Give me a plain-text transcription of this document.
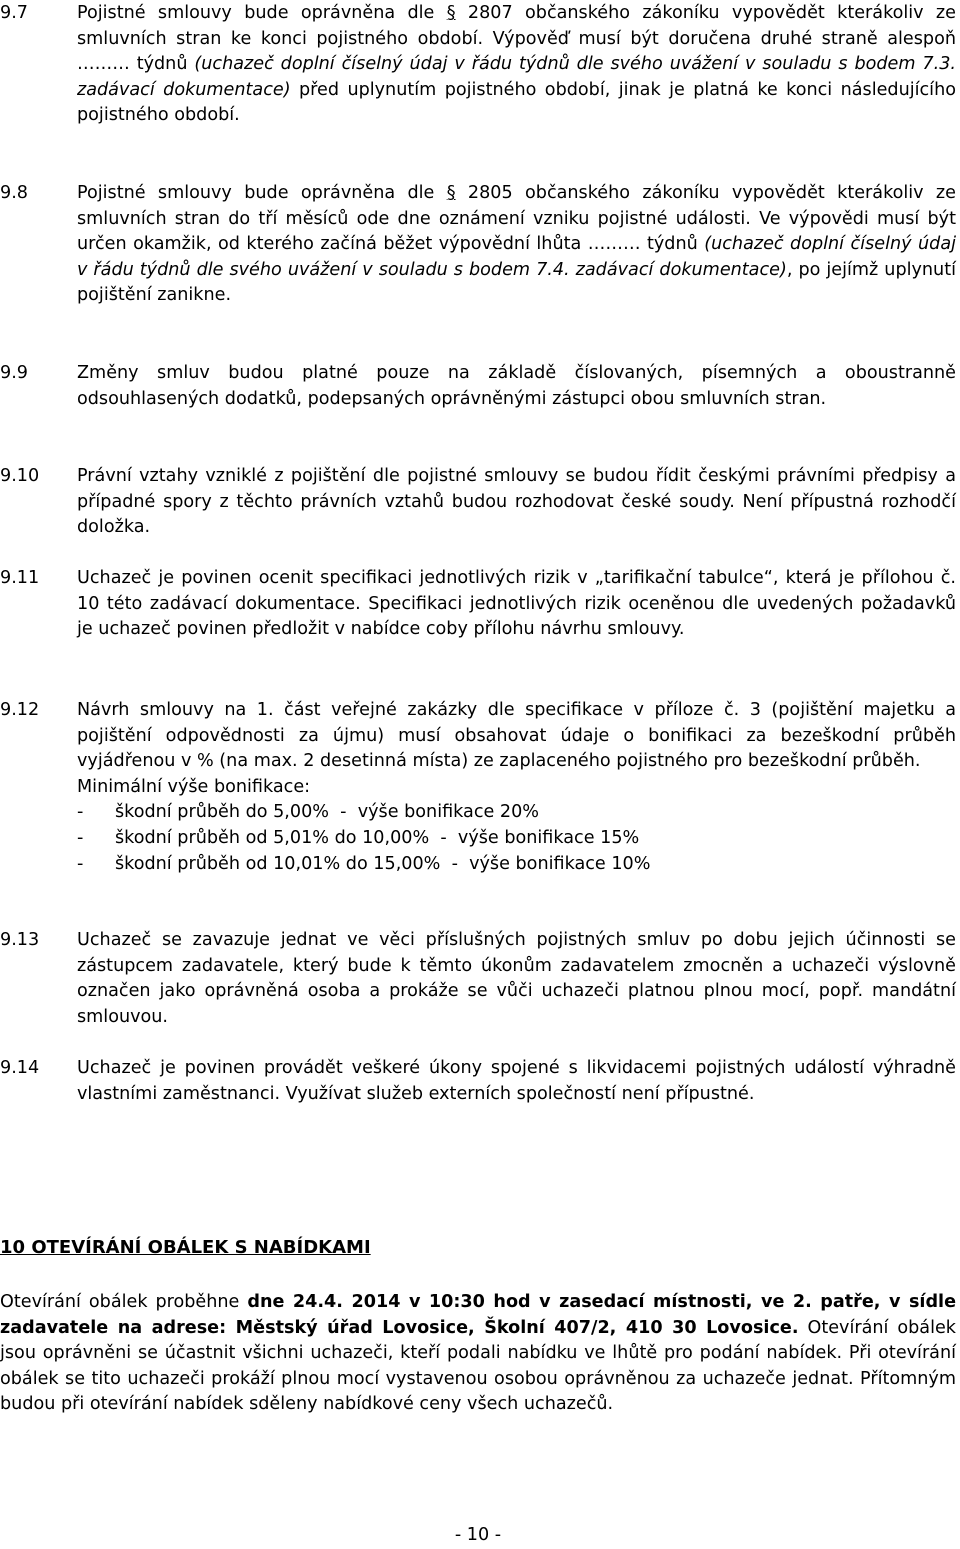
9.7	Pojistné smlouvy bude oprávněna dle § 2807 občanského zákoníku vypovědět kterákoliv ze smluvních stran ke konci pojistného období. Výpověď musí být doručena druhé straně alespoň ……… týdnů (uchazeč doplní číselný údaj v řádu týdnů dle svého uvážení v souladu s bodem 7.3. zadávací dokumentace) před uplynutím pojistného období, jinak je platná ke konci následujícího pojistného období.
9.8	Pojistné smlouvy bude oprávněna dle § 2805 občanského zákoníku vypovědět kterákoliv ze smluvních stran do tří měsíců ode dne oznámení vzniku pojistné události. Ve výpovědi musí být určen okamžik, od kterého začíná běžet výpovědní lhůta ……… týdnů (uchazeč doplní číselný údaj v řádu týdnů dle svého uvážení v souladu s bodem 7.4. zadávací dokumentace), po jejímž uplynutí pojištění zanikne.
9.9	Změny smluv budou platné pouze na základě číslovaných, písemných a oboustranně odsouhlasených dodatků, podepsaných oprávněnými zástupci obou smluvních stran.
9.10 Právní vztahy vzniklé z pojištění dle pojistné smlouvy se budou řídit českými právními předpisy a případné spory z těchto právních vztahů budou rozhodovat české soudy. Není přípustná rozhodčí doložka.
9.11 Uchazeč je povinen ocenit specifikaci jednotlivých rizik v „tarifikační tabulce“, která je přílohou č. 10 této zadávací dokumentace. Specifikaci jednotlivých rizik oceněnou dle uvedených požadavků je uchazeč povinen předložit v nabídce coby přílohu návrhu smlouvy.
9.12 Návrh smlouvy na 1. část veřejné zakázky dle specifikace v příloze č. 3 (pojištění majetku a pojištění odpovědnosti za újmu) musí obsahovat údaje o bonifikaci za bezeškodní průběh vyjádřenou v % (na max. 2 desetinná místa) ze zaplaceného pojistného pro bezeškodní průběh.
Minimální výše bonifikace:
- škodní průběh do 5,00%  -  výše bonifikace 20%
- škodní průběh od 5,01% do 10,00%  -  výše bonifikace 15%
- škodní průběh od 10,01% do 15,00%  -  výše bonifikace 10%
9.13 Uchazeč se zavazuje jednat ve věci příslušných pojistných smluv po dobu jejich účinnosti se zástupcem zadavatele, který bude k těmto úkonům zadavatelem zmocněn a uchazeči výslovně označen jako oprávněná osoba a prokáže se vůči uchazeči platnou plnou mocí, popř. mandátní smlouvou.
9.14 Uchazeč je povinen provádět veškeré úkony spojené s likvidacemi pojistných událostí výhradně vlastními zaměstnanci. Využívat služeb externích společností není přípustné.
10 OTEVÍRÁNÍ OBÁLEK S NABÍDKAMI
Otevírání obálek proběhne dne 24.4. 2014 v 10:30 hod v zasedací místnosti, ve 2. patře, v sídle zadavatele na adrese: Městský úřad Lovosice, Školní 407/2, 410 30 Lovosice. Otevírání obálek jsou oprávněni se účastnit všichni uchazeči, kteří podali nabídku ve lhůtě pro podání nabídek. Při otevírání obálek se tito uchazeči prokáží plnou mocí vystavenou osobou oprávněnou za uchazeče jednat. Přítomným budou při otevírání nabídek sděleny nabídkové ceny všech uchazečů.
- 10 -
